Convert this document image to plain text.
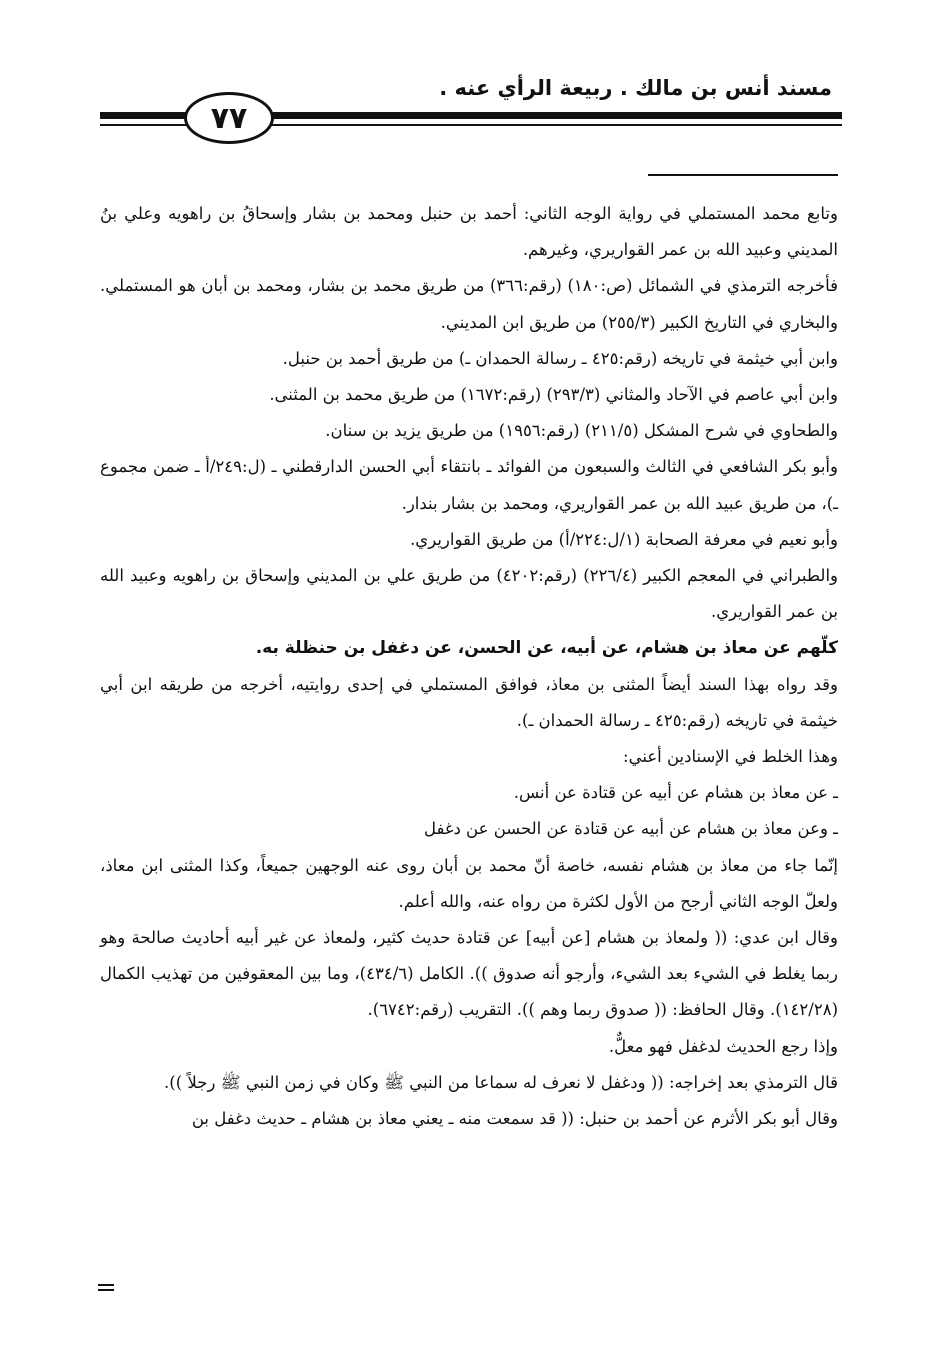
مسند أنس بن مالك . ربيعة الرأي عنه .
٧٧

وتابع محمد المستملي في رواية الوجه الثاني: أحمد بن حنبل ومحمد بن بشار وإسحاقُ بن راهويه وعلي بنُ المديني وعبيد الله بن عمر القواريري، وغيرهم.

فأخرجه الترمذي في الشمائل (ص:١٨٠) (رقم:٣٦٦) من طريق محمد بن بشار، ومحمد بن أبان هو المستملي. والبخاري في التاريخ الكبير (٢٥٥/٣) من طريق ابن المديني.

وابن أبي خيثمة في تاريخه (رقم:٤٢٥ ـ رسالة الحمدان ـ) من طريق أحمد بن حنبل.

وابن أبي عاصم في الآحاد والمثاني (٢٩٣/٣) (رقم:١٦٧٢) من طريق محمد بن المثنى.

والطحاوي في شرح المشكل (٢١١/٥) (رقم:١٩٥٦) من طريق يزيد بن سنان.

وأبو بكر الشافعي في الثالث والسبعون من الفوائد ـ بانتقاء أبي الحسن الدارقطني ـ (ل:٢٤٩/أ ـ ضمن مجموع ـ)، من طريق عبيد الله بن عمر القواريري، ومحمد بن بشار بندار.

وأبو نعيم في معرفة الصحابة (١/ل:٢٢٤/أ) من طريق القواريري.

والطبراني في المعجم الكبير (٢٢٦/٤) (رقم:٤٢٠٢) من طريق علي بن المديني وإسحاق بن راهويه وعبيد الله بن عمر القواريري.

كلّهم عن معاذ بن هشام، عن أبيه، عن الحسن، عن دغفل بن حنظلة به.

وقد رواه بهذا السند أيضاً المثنى بن معاذ، فوافق المستملي في إحدى روايتيه، أخرجه من طريقه ابن أبي خيثمة في تاريخه (رقم:٤٢٥ ـ رسالة الحمدان ـ).

وهذا الخلط في الإسنادين أعني:

ـ عن معاذ بن هشام عن أبيه عن قتادة عن أنس.

ـ وعن معاذ بن هشام عن أبيه عن قتادة عن الحسن عن دغفل

إنّما جاء من معاذ بن هشام نفسه، خاصة أنّ محمد بن أبان روى عنه الوجهين جميعاً، وكذا المثنى ابن معاذ، ولعلّ الوجه الثاني أرجح من الأول لكثرة من رواه عنه، والله أعلم.

وقال ابن عدي: (( ولمعاذ بن هشام [عن أبيه] عن قتادة حديث كثير، ولمعاذ عن غير أبيه أحاديث صالحة وهو ربما يغلط في الشيء بعد الشيء، وأرجو أنه صدوق )). الكامل (٤٣٤/٦)، وما بين المعقوفين من تهذيب الكمال (١٤٢/٢٨). وقال الحافظ: (( صدوق ربما وهم )). التقريب (رقم:٦٧٤٢).

وإذا رجع الحديث لدغفل فهو معلٌّ.

قال الترمذي بعد إخراجه: (( ودغفل لا نعرف له سماعا من النبي ﷺ وكان في زمن النبي ﷺ رجلاً )).

وقال أبو بكر الأثرم عن أحمد بن حنبل: (( قد سمعت منه ـ يعني معاذ بن هشام ـ حديث دغفل بن
